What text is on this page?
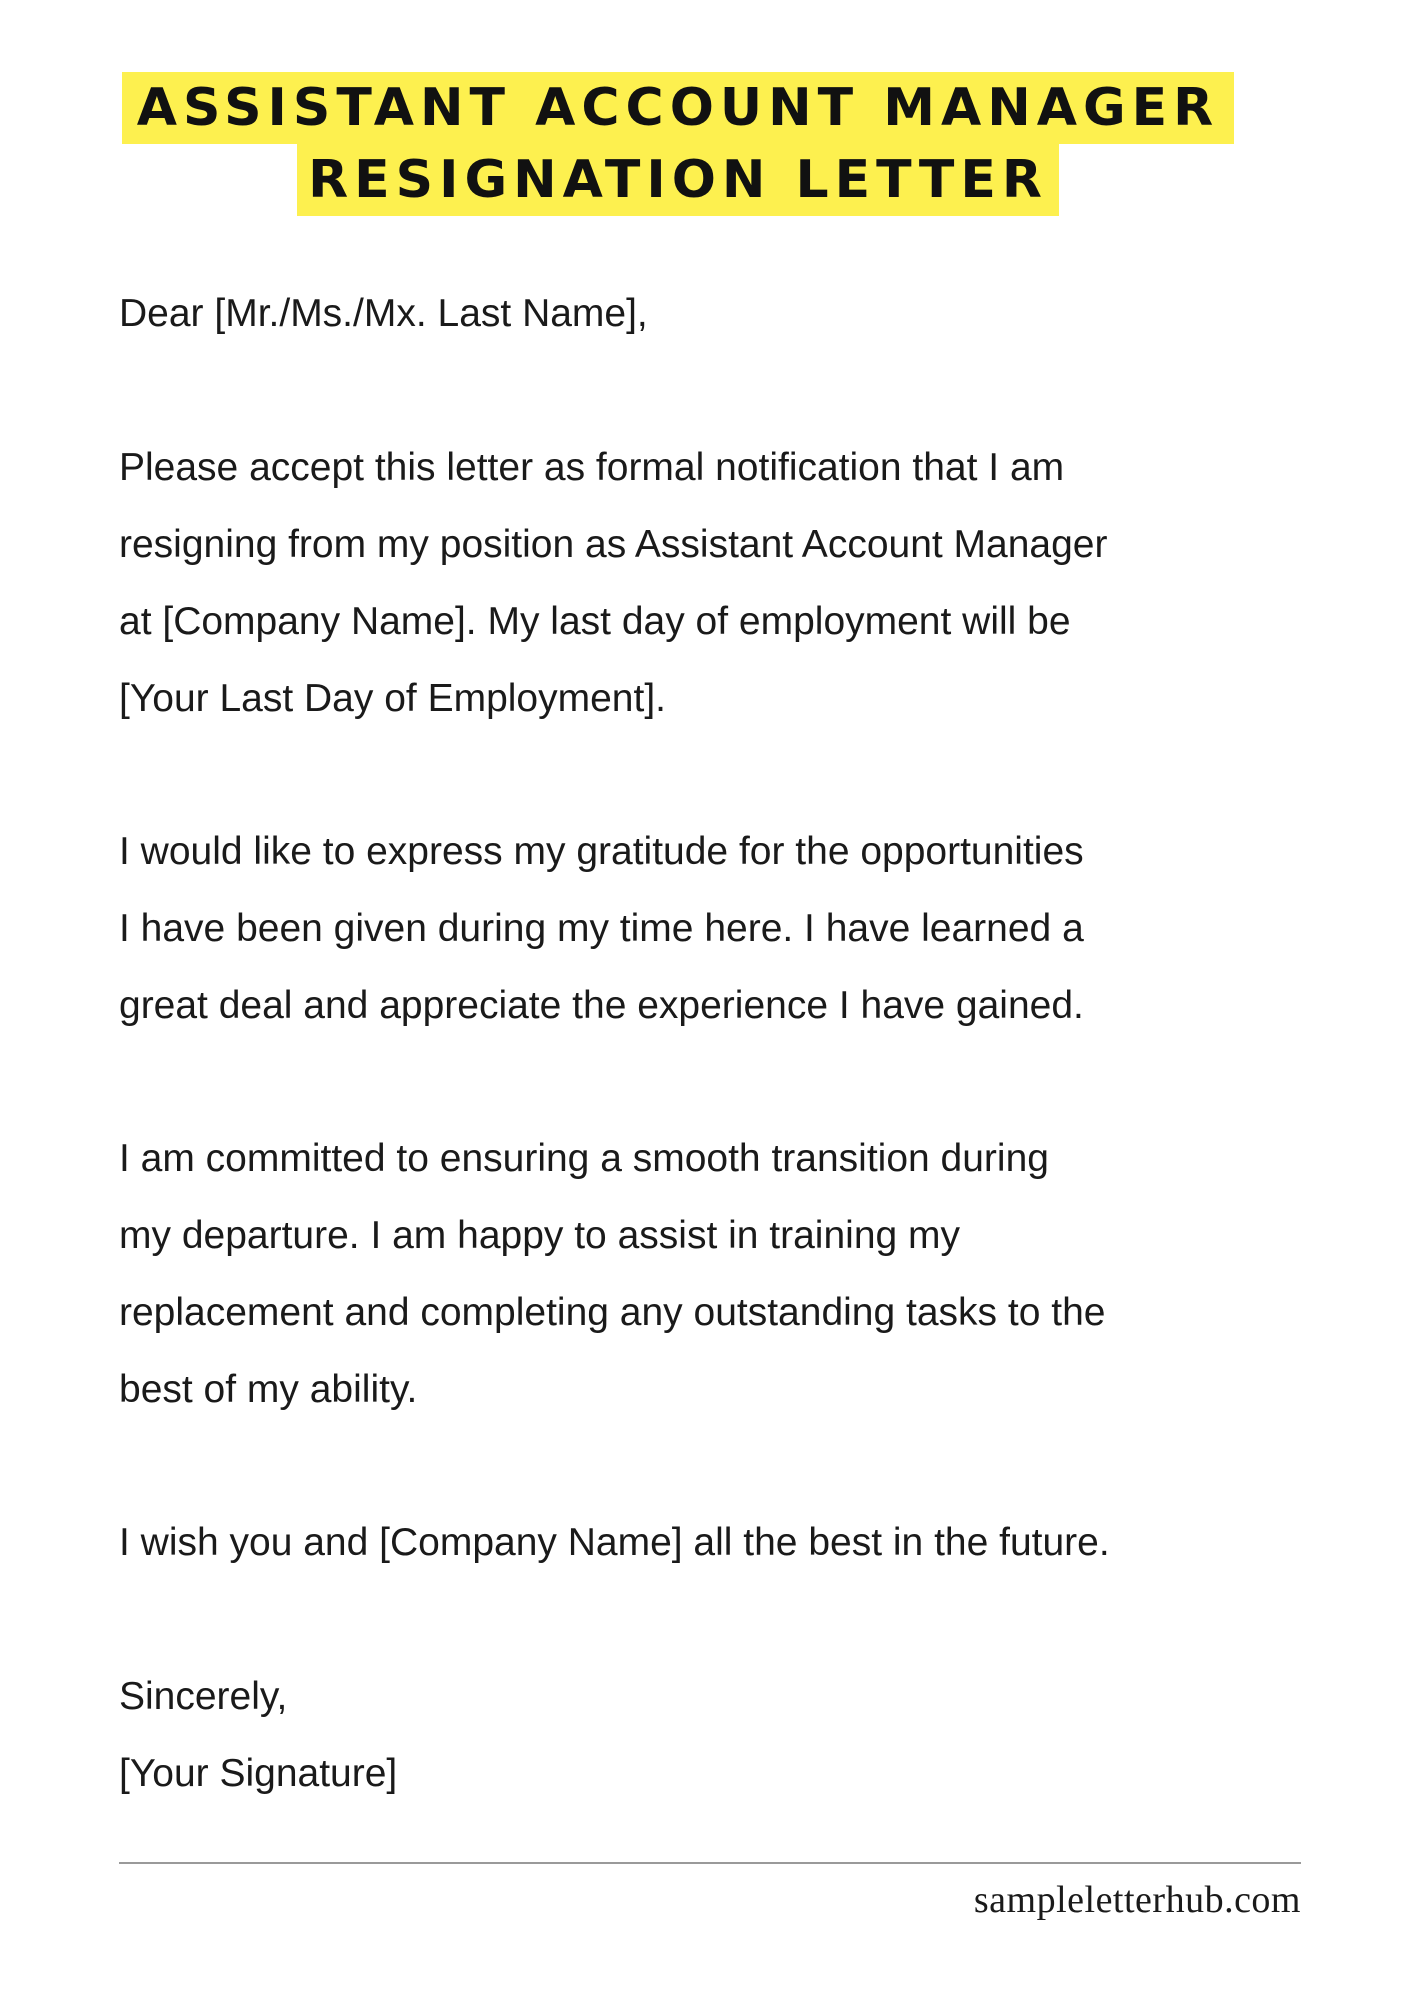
ASSISTANT ACCOUNT MANAGER
RESIGNATION LETTER
Dear [Mr./Ms./Mx. Last Name],
Please accept this letter as formal notification that I am
resigning from my position as Assistant Account Manager
at [Company Name]. My last day of employment will be
[Your Last Day of Employment].
I would like to express my gratitude for the opportunities
I have been given during my time here. I have learned a
great deal and appreciate the experience I have gained.
I am committed to ensuring a smooth transition during
my departure. I am happy to assist in training my
replacement and completing any outstanding tasks to the
best of my ability.
I wish you and [Company Name] all the best in the future.
Sincerely,
[Your Signature]
sampleletterhub.com
